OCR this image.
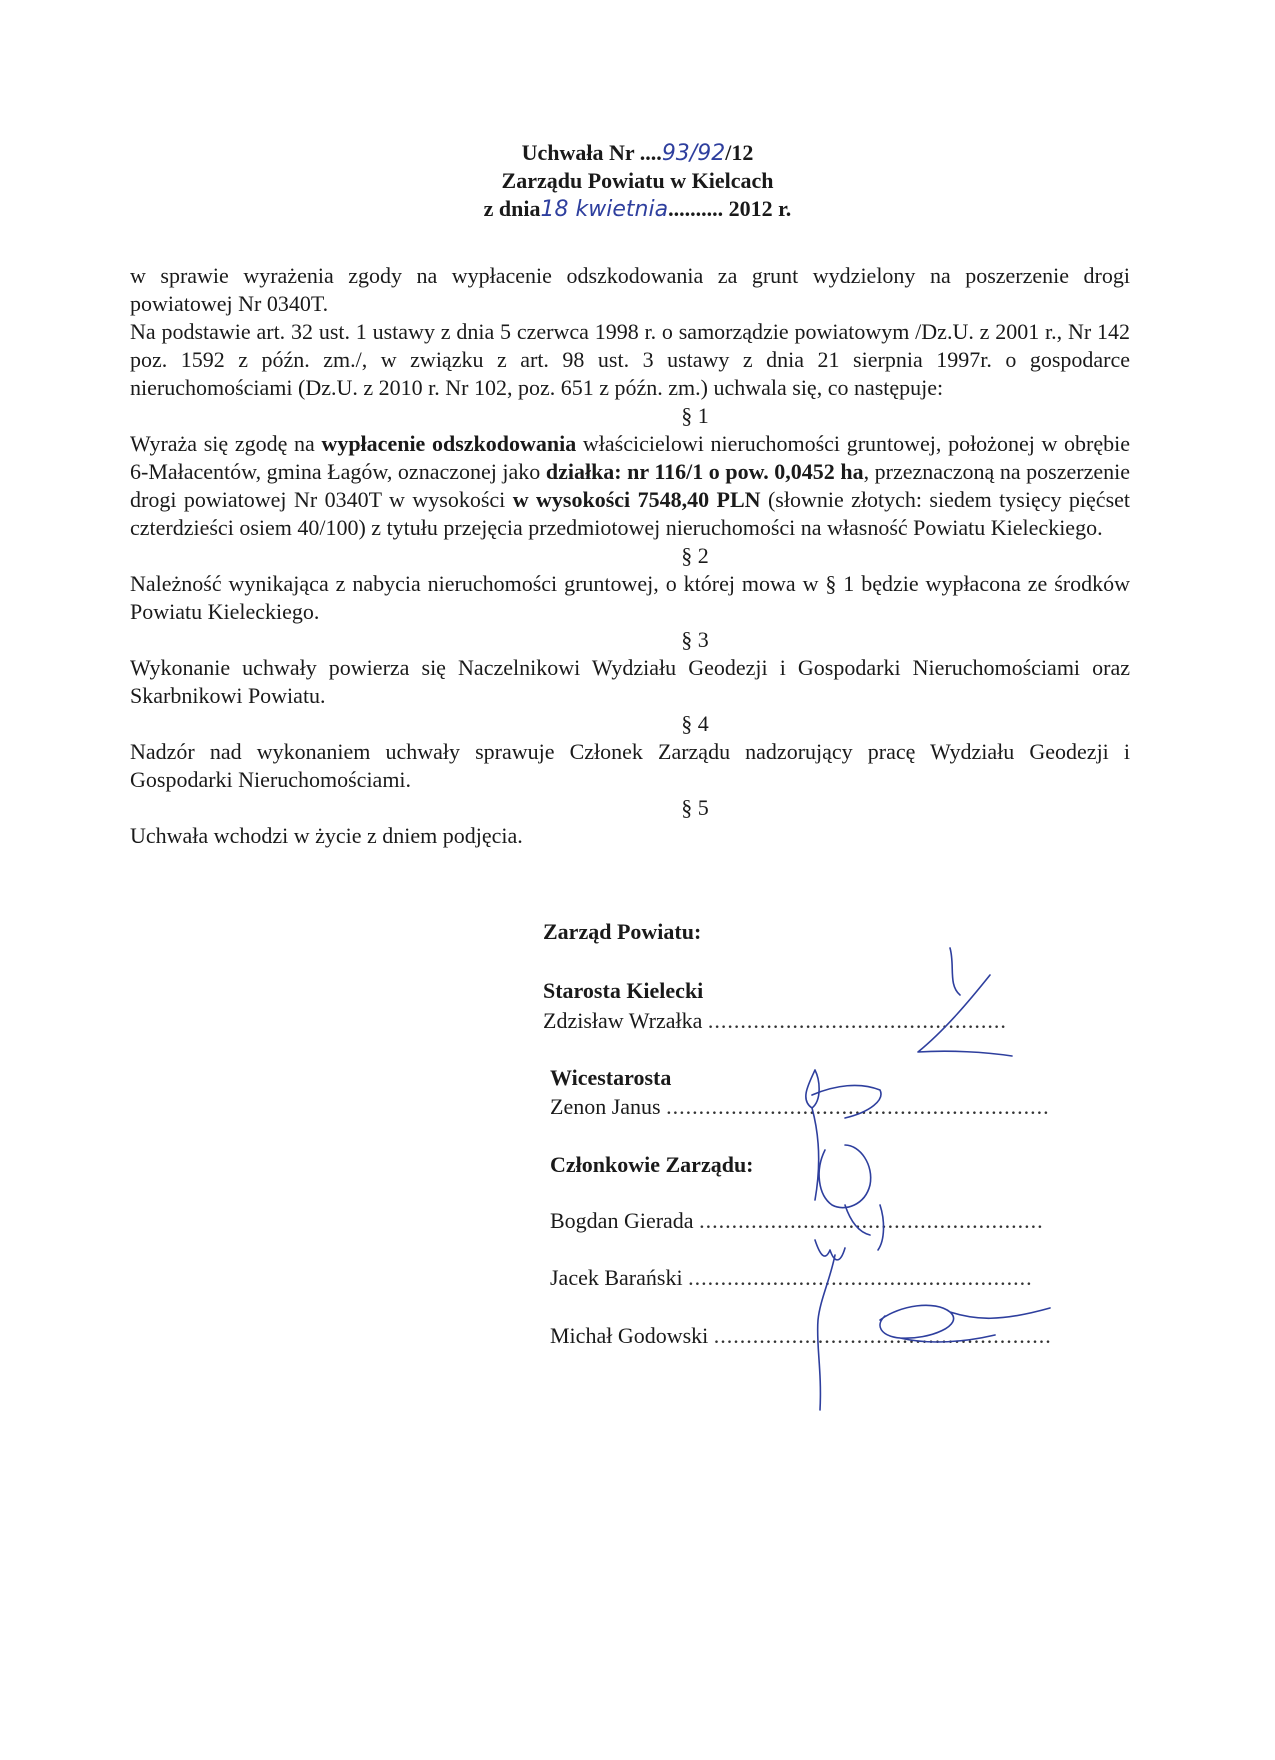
Uchwała Nr ....93/92/12
Zarządu Powiatu w Kielcach
z dnia18 kwietnia.......... 2012 r.

w sprawie wyrażenia zgody na wypłacenie odszkodowania za grunt wydzielony na poszerzenie drogi powiatowej Nr 0340T.

Na podstawie art. 32 ust. 1 ustawy z dnia 5 czerwca 1998 r. o samorządzie powiatowym /Dz.U. z 2001 r., Nr 142 poz. 1592 z późn. zm./, w związku z art. 98 ust. 3 ustawy z dnia 21 sierpnia 1997r. o gospodarce nieruchomościami (Dz.U. z 2010 r. Nr 102, poz. 651 z późn. zm.) uchwala się, co następuje:

§ 1

Wyraża się zgodę na wypłacenie odszkodowania właścicielowi nieruchomości gruntowej, położonej w obrębie 6-Małacentów, gmina Łagów, oznaczonej jako działka: nr 116/1 o pow. 0,0452 ha, przeznaczoną na poszerzenie drogi powiatowej Nr 0340T w wysokości w wysokości 7548,40 PLN (słownie złotych: siedem tysięcy pięćset czterdzieści osiem 40/100) z tytułu przejęcia przedmiotowej nieruchomości na własność Powiatu Kieleckiego.

§ 2

Należność wynikająca z nabycia nieruchomości gruntowej, o której mowa w § 1 będzie wypłacona ze środków Powiatu Kieleckiego.

§ 3

Wykonanie uchwały powierza się Naczelnikowi Wydziału Geodezji i Gospodarki Nieruchomościami oraz Skarbnikowi Powiatu.

§ 4

Nadzór nad wykonaniem uchwały sprawuje Członek Zarządu nadzorujący pracę Wydziału Geodezji i Gospodarki Nieruchomościami.

§ 5

Uchwała wchodzi w życie z dniem podjęcia.

Zarząd Powiatu:
Starosta Kielecki
Zdzisław Wrzałka ..............................................
Wicestarosta
Zenon Janus ...........................................................
Członkowie Zarządu:
Bogdan Gierada .....................................................
Jacek Barański .....................................................
Michał Godowski ....................................................
